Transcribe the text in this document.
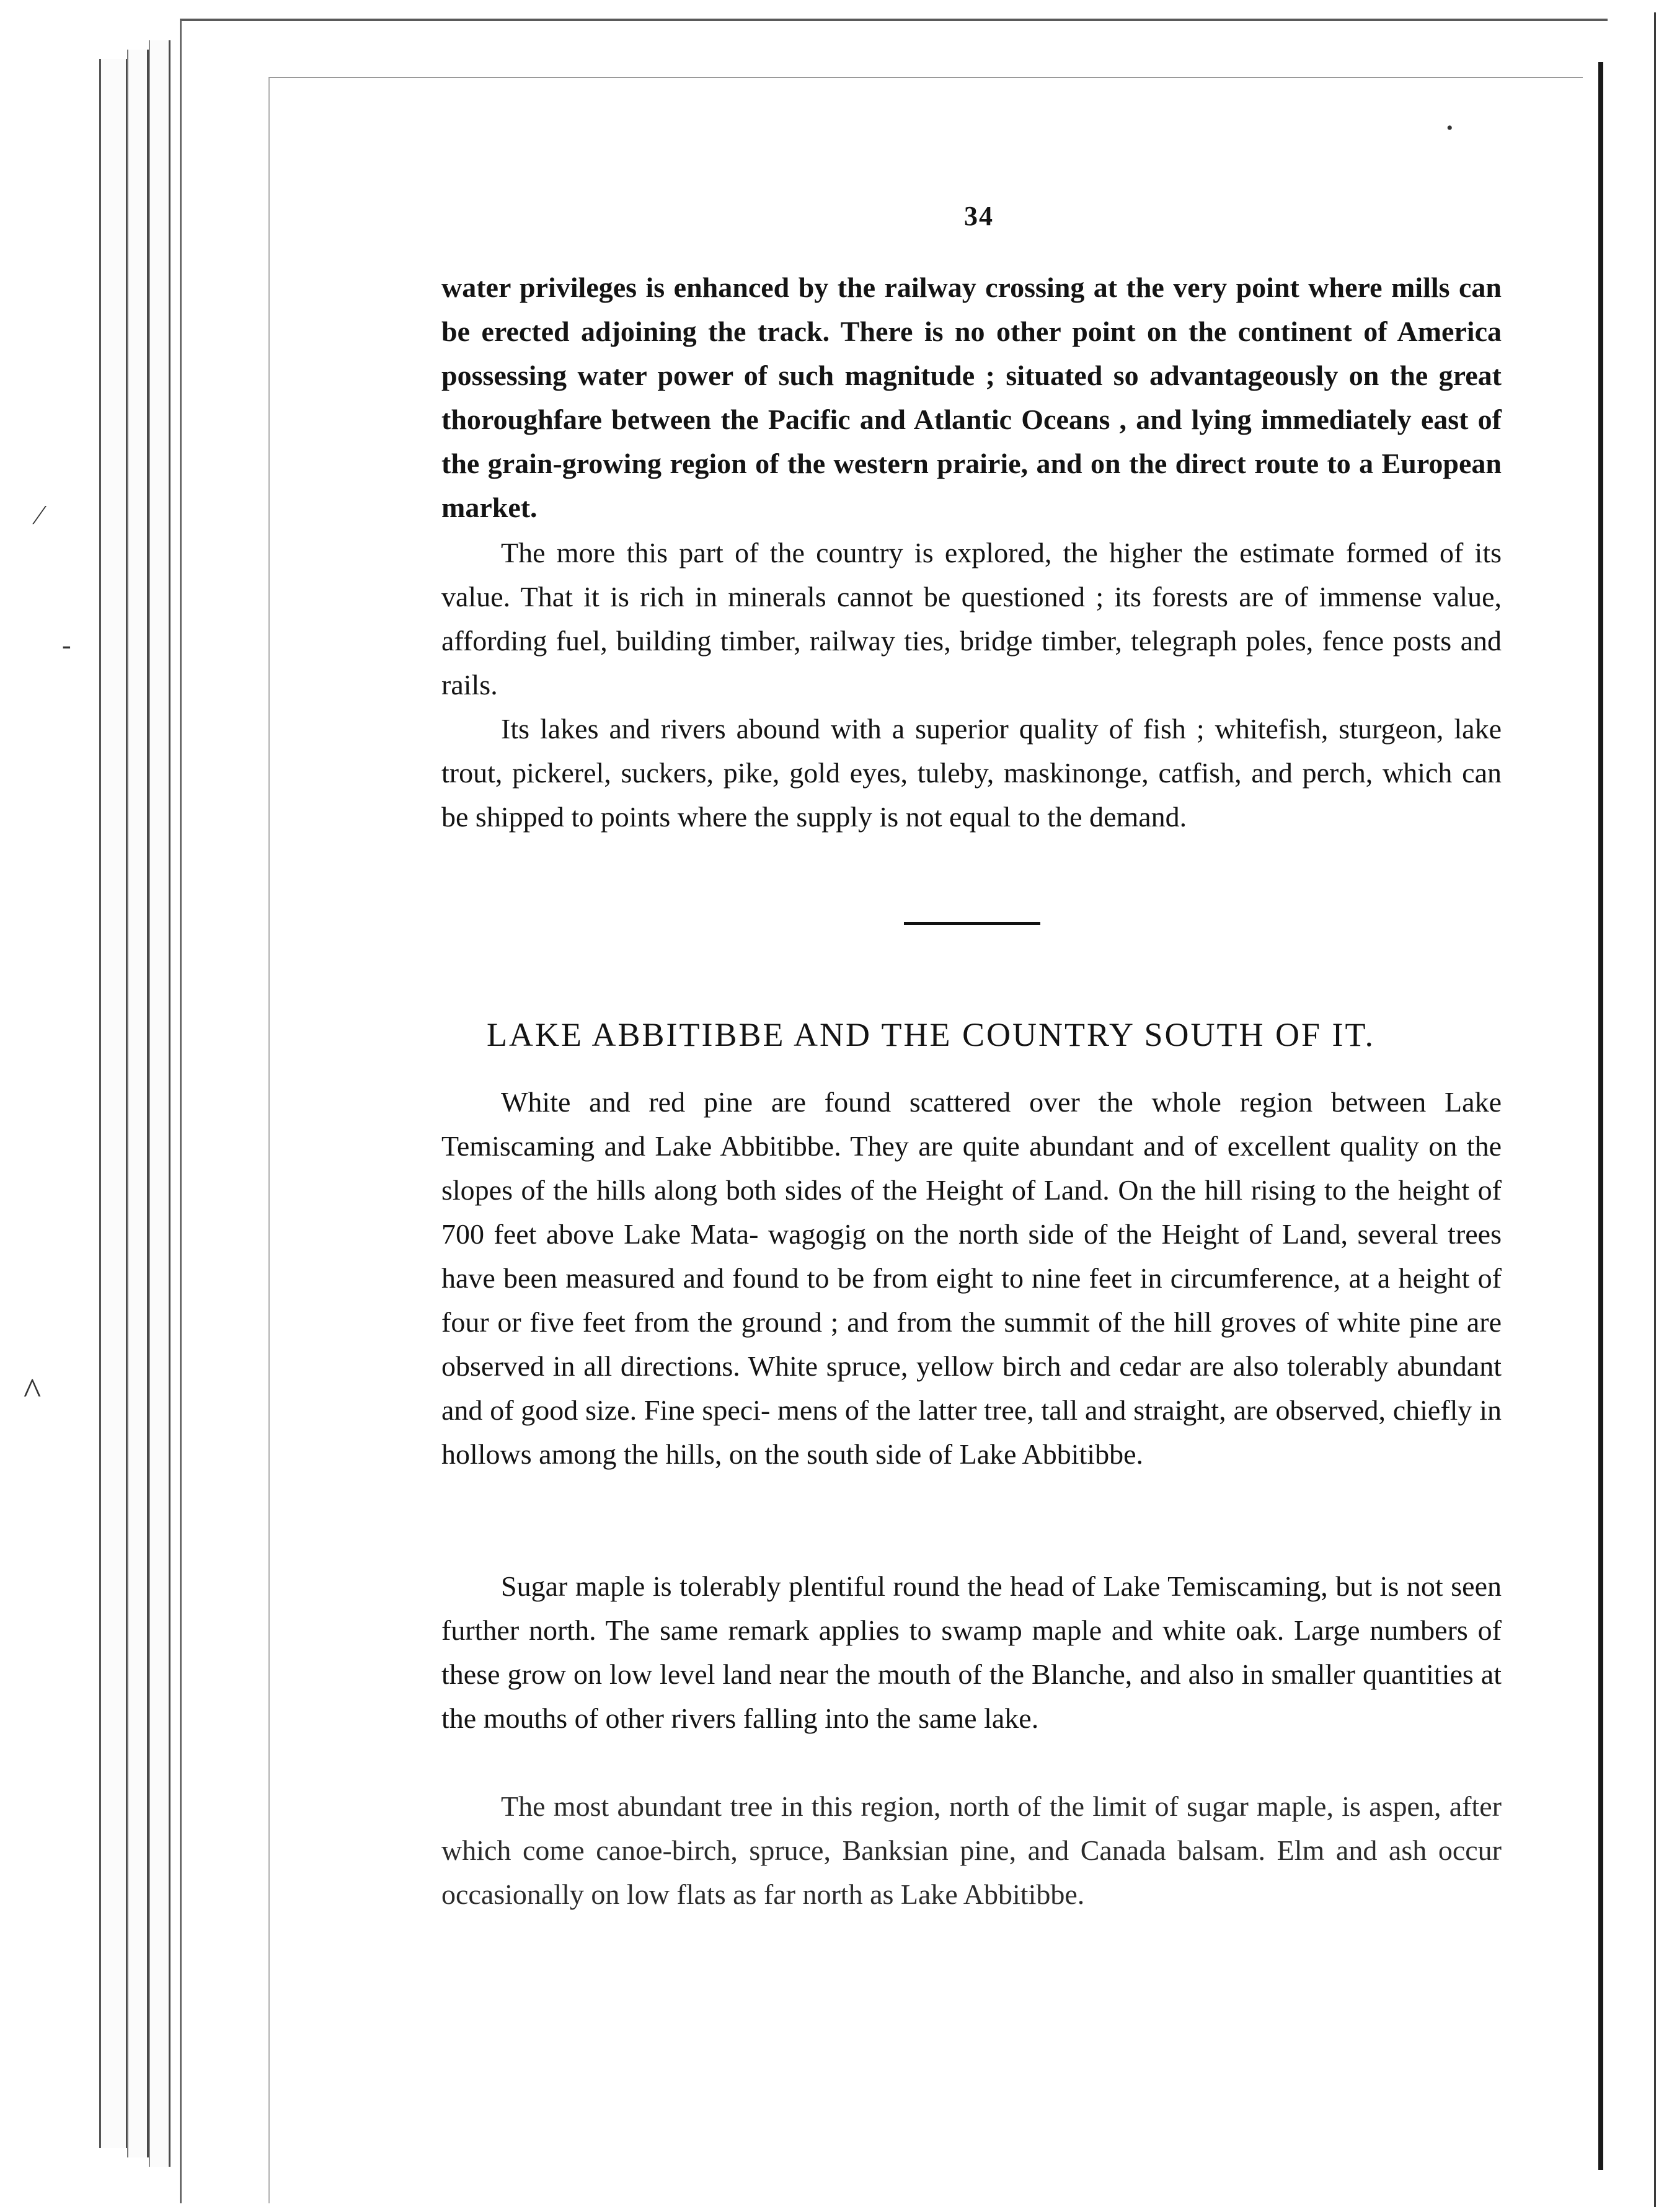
⁄
‐
^
•
34

water privileges is enhanced by the railway crossing at the very point where mills can be erected adjoining the track. There is no other point on the continent of America possessing water power of such magnitude ; situated so advantageously on the great thoroughfare between the Pacific and Atlantic Oceans , and lying immediately east of the grain-growing region of the western prairie, and on the direct route to a European market.

The more this part of the country is explored, the higher the estimate formed of its value. That it is rich in minerals cannot be questioned ; its forests are of immense value, affording fuel, building timber, railway ties, bridge timber, telegraph poles, fence posts and rails.

Its lakes and rivers abound with a superior quality of fish ; whitefish, sturgeon, lake trout, pickerel, suckers, pike, gold eyes, tuleby, maskinonge, catfish, and perch, which can be shipped to points where the supply is not equal to the demand.

LAKE ABBITIBBE AND THE COUNTRY SOUTH OF IT.

White and red pine are found scattered over the whole region between Lake Temiscaming and Lake Abbitibbe. They are quite abundant and of excellent quality on the slopes of the hills along both sides of the Height of Land. On the hill rising to the height of 700 feet above Lake Mata- wagogig on the north side of the Height of Land, several trees have been measured and found to be from eight to nine feet in circumference, at a height of four or five feet from the ground ; and from the summit of the hill groves of white pine are observed in all directions. White spruce, yellow birch and cedar are also tolerably abundant and of good size. Fine speci- mens of the latter tree, tall and straight, are observed, chiefly in hollows among the hills, on the south side of Lake Abbitibbe.

Sugar maple is tolerably plentiful round the head of Lake Temiscaming, but is not seen further north. The same remark applies to swamp maple and white oak. Large numbers of these grow on low level land near the mouth of the Blanche, and also in smaller quantities at the mouths of other rivers falling into the same lake.

The most abundant tree in this region, north of the limit of sugar maple, is aspen, after which come canoe-birch, spruce, Banksian pine, and Canada balsam. Elm and ash occur occasionally on low flats as far north as Lake Abbitibbe.
